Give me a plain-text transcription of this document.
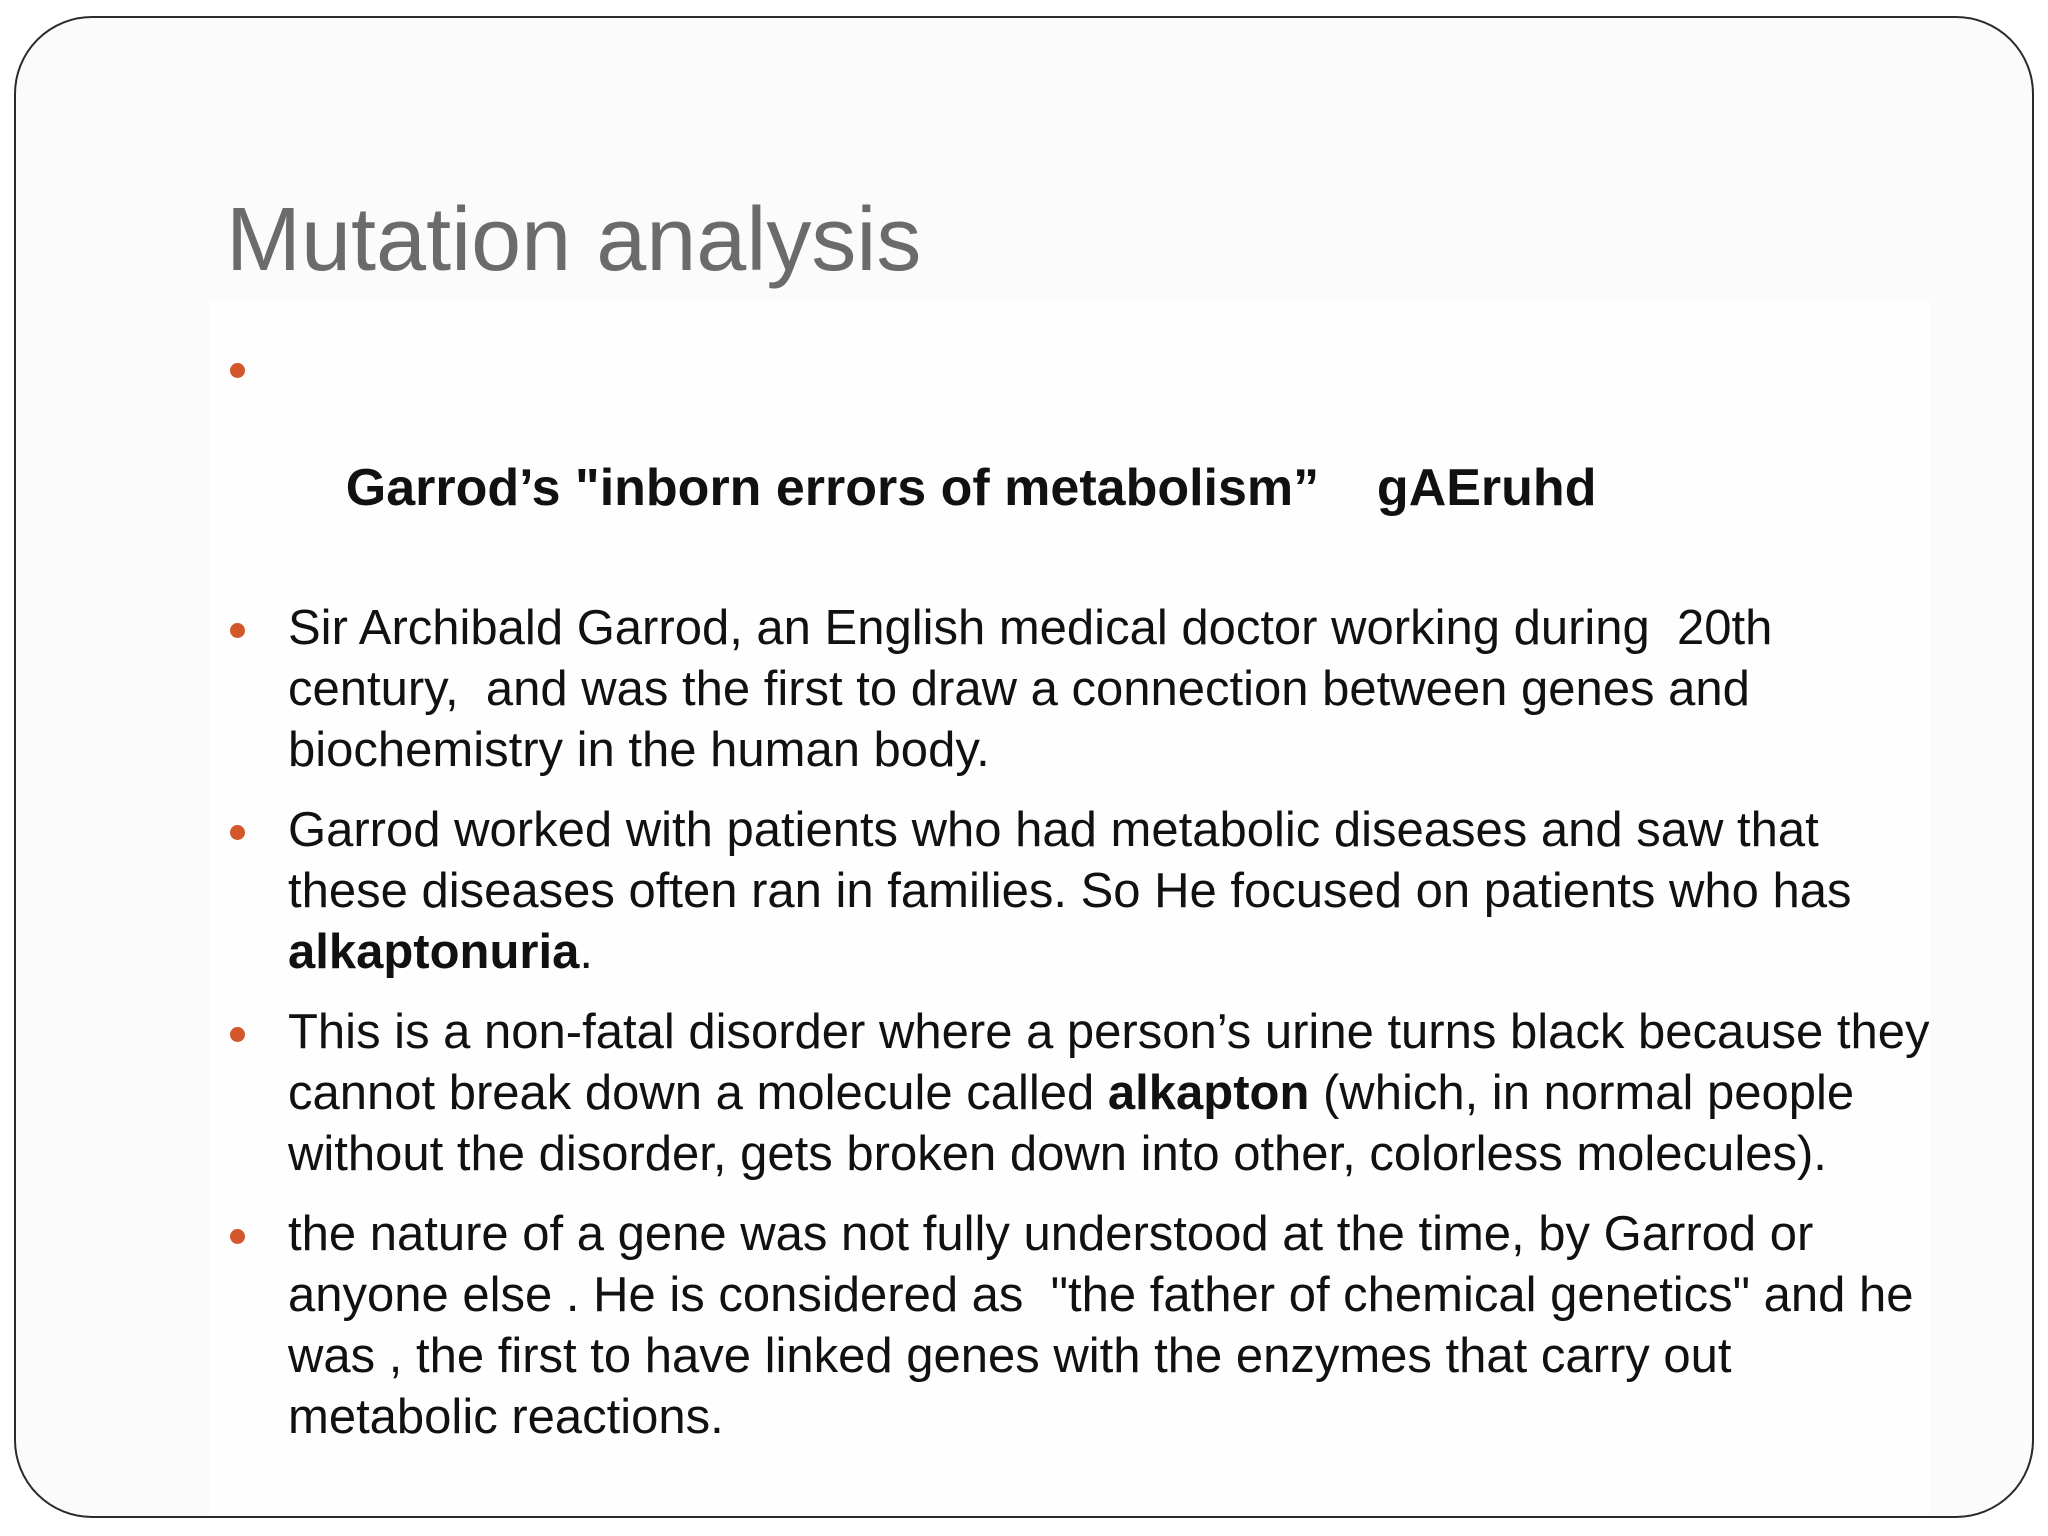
Mutation analysis

Garrod’s "inborn errors of metabolism”    gAEruhd

Sir Archibald Garrod, an English medical doctor working during  20th century,  and was the first to draw a connection between genes and biochemistry in the human body.
Garrod worked with patients who had metabolic diseases and saw that these diseases often ran in families. So He focused on patients who has  alkaptonuria.
This is a non-fatal disorder where a person’s urine turns black because they cannot break down a molecule called alkapton (which, in normal people without the disorder, gets broken down into other, colorless molecules).
the nature of a gene was not fully understood at the time, by Garrod or anyone else . He is considered as  "the father of chemical genetics" and he was , the first to have linked genes with the enzymes that carry out metabolic reactions.
